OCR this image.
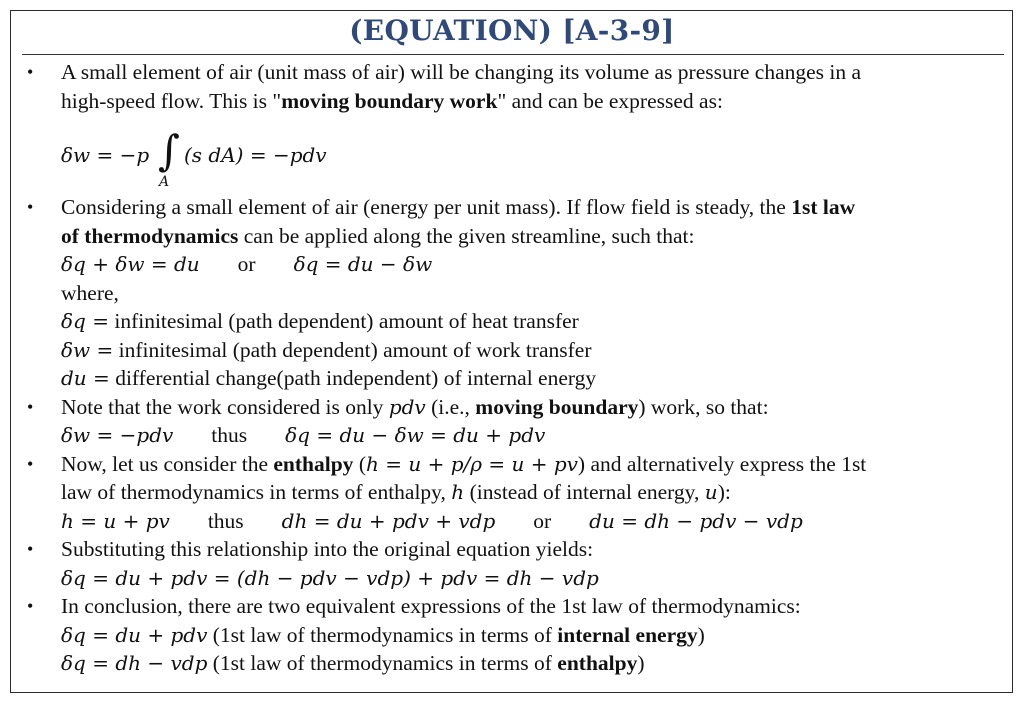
(EQUATION) [A-3-9]
• A small element of air (unit mass of air) will be changing its volume as pressure changes in a
high-speed flow. This is "moving boundary work" and can be expressed as:
δw = −p ∫
A
(s dA) = −pdv
• Considering a small element of air (energy per unit mass). If flow field is steady, the 1st law
of thermodynamics can be applied along the given streamline, such that:
δq + δw = du or δq = du − δw
where,
δq = infinitesimal (path dependent) amount of heat transfer
δw = infinitesimal (path dependent) amount of work transfer
du = differential change(path independent) of internal energy
• Note that the work considered is only pdv (i.e., moving boundary) work, so that:
δw = −pdv thus δq = du − δw = du + pdv
• Now, let us consider the enthalpy (h = u + p/ρ = u + pv) and alternatively express the 1st
law of thermodynamics in terms of enthalpy, h (instead of internal energy, u):
h = u + pv thus dh = du + pdv + vdp or du = dh − pdv − vdp
• Substituting this relationship into the original equation yields:
δq = du + pdv = (dh − pdv − vdp) + pdv = dh − vdp
• In conclusion, there are two equivalent expressions of the 1st law of thermodynamics:
δq = du + pdv (1st law of thermodynamics in terms of internal energy)
δq = dh − vdp (1st law of thermodynamics in terms of enthalpy)
